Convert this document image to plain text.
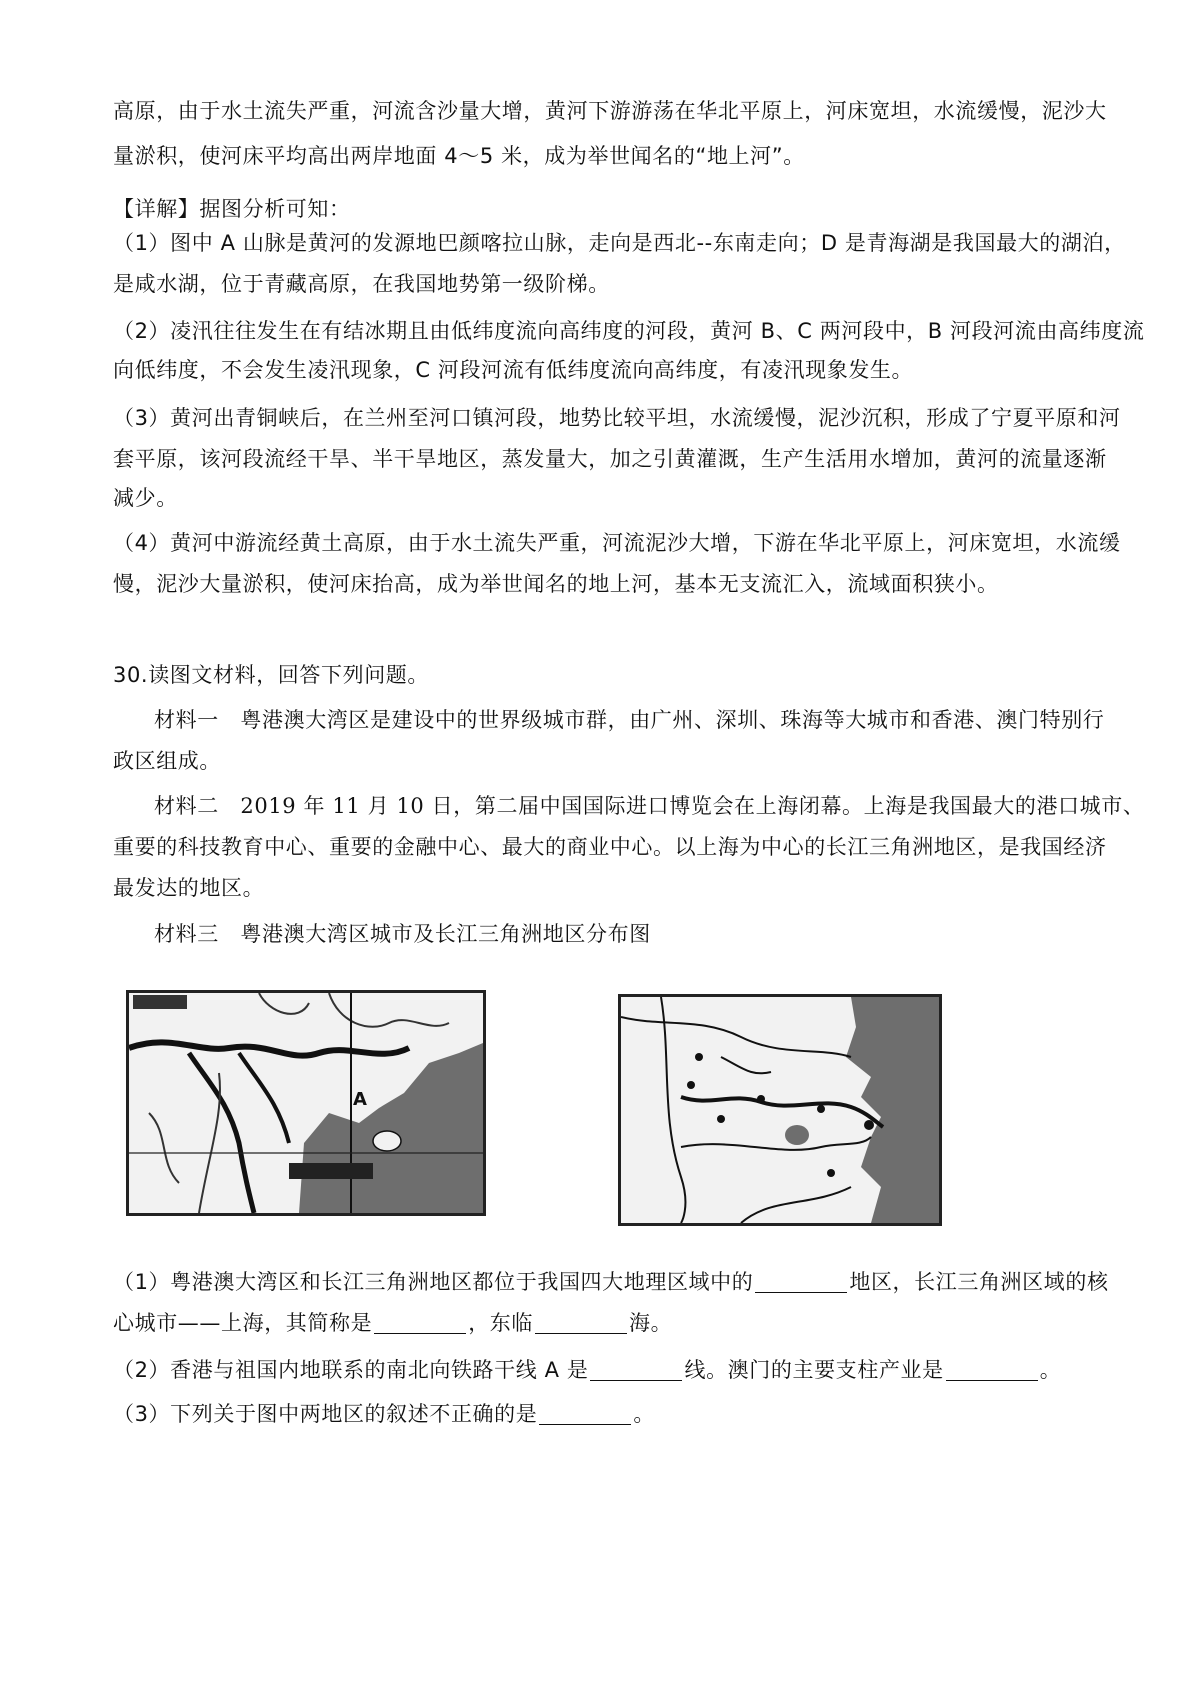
高原，由于水土流失严重，河流含沙量大增，黄河下游游荡在华北平原上，河床宽坦，水流缓慢，泥沙大
量淤积，使河床平均高出两岸地面 4～5 米，成为举世闻名的“地上河”。
【详解】据图分析可知：
（1）图中 A 山脉是黄河的发源地巴颜喀拉山脉，走向是西北--东南走向；D 是青海湖是我国最大的湖泊，
是咸水湖，位于青藏高原，在我国地势第一级阶梯。
（2）凌汛往往发生在有结冰期且由低纬度流向高纬度的河段，黄河 B、C 两河段中，B 河段河流由高纬度流
向低纬度，不会发生凌汛现象，C 河段河流有低纬度流向高纬度，有凌汛现象发生。
（3）黄河出青铜峡后，在兰州至河口镇河段，地势比较平坦，水流缓慢，泥沙沉积，形成了宁夏平原和河
套平原，该河段流经干旱、半干旱地区，蒸发量大，加之引黄灌溉，生产生活用水增加，黄河的流量逐渐
减少。
（4）黄河中游流经黄土高原，由于水土流失严重，河流泥沙大增，下游在华北平原上，河床宽坦，水流缓
慢，泥沙大量淤积，使河床抬高，成为举世闻名的地上河，基本无支流汇入，流域面积狭小。
30.读图文材料，回答下列问题。
材料一　粤港澳大湾区是建设中的世界级城市群，由广州、深圳、珠海等大城市和香港、澳门特别行
政区组成。
材料二　2019 年 11 月 10 日，第二届中国国际进口博览会在上海闭幕。上海是我国最大的港口城市、
重要的科技教育中心、重要的金融中心、最大的商业中心。以上海为中心的长江三角洲地区，是我国经济
最发达的地区。
材料三　粤港澳大湾区城市及长江三角洲地区分布图
A
（1）粤港澳大湾区和长江三角洲地区都位于我国四大地理区域中的	地区，长江三角洲区域的核
心城市——上海，其简称是	，东临	海。
（2）香港与祖国内地联系的南北向铁路干线 A 是	线。澳门的主要支柱产业是	。
（3）下列关于图中两地区的叙述不正确的是	。
